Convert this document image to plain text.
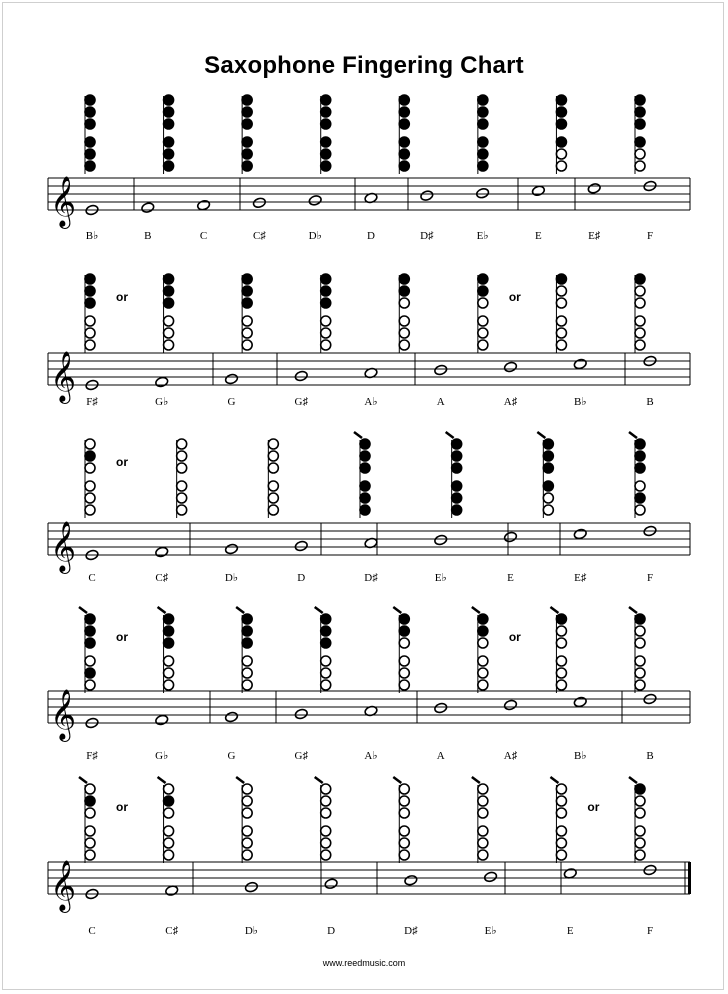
Saxophone Fingering Chart
𝄞
B♭	B	C	C♯	D♭	D	D♯	E♭	E	E♯	F
𝄞 F♯	G♭	G	G♯	A♭	A	A♯	B♭	B
or	or
𝄞
C	C♯	D♭	D	D♯	E♭	E	E♯	F
or
𝄞
F♯	G♭	G	G♯	A♭	A	A♯	B♭	B
or	or
𝄞
C	C♯	D♭	D	D♯	E♭	E	F
or	or
www.reedmusic.com
